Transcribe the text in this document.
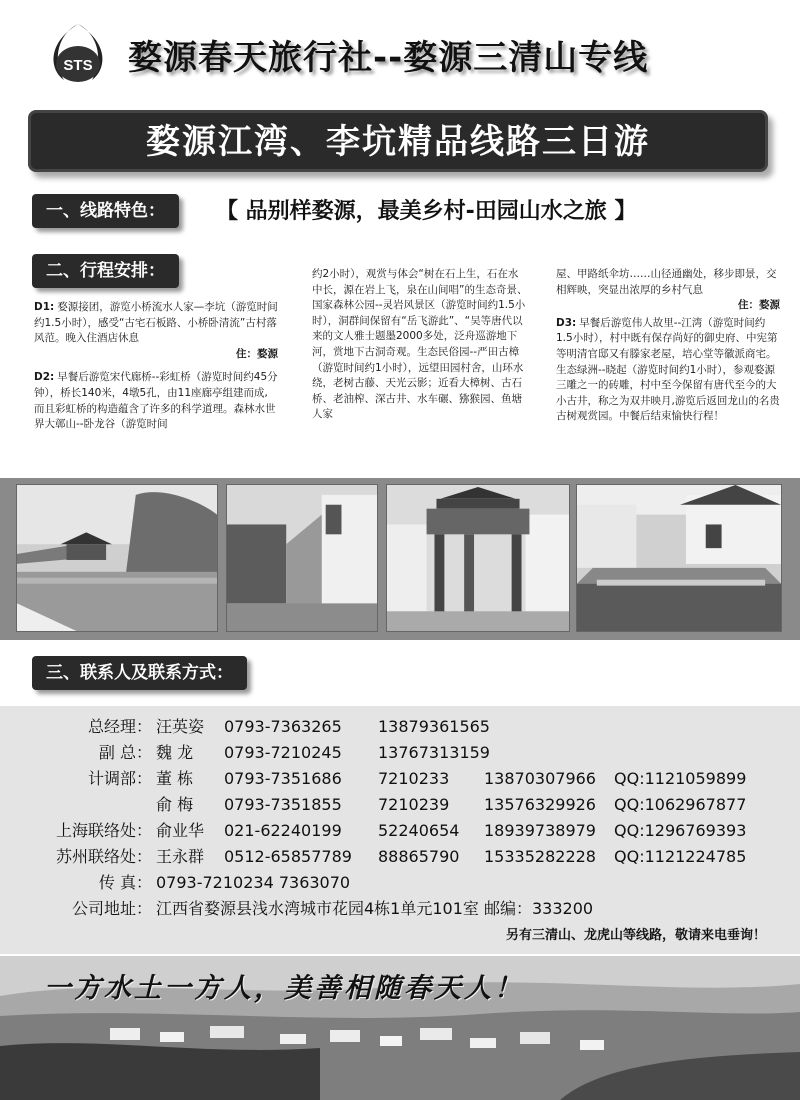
STS 婺源春天旅行社--婺源三清山专线
婺源江湾、李坑精品线路三日游
一、线路特色：	【 品别样婺源，最美乡村-田园山水之旅 】
二、行程安排：
D1: 婺源接团，游览小桥流水人家—李坑（游览时间约1.5小时），感受“古宅石板路、小桥卧清流”古村落风范。晚入住酒店休息
住：婺源
D2: 早餐后游览宋代廊桥--彩虹桥（游览时间约45分钟），桥长140米，4墩5孔，由11座廊亭组建而成,而且彩虹桥的构造蕴含了许多的科学道理。森林水世界大鄣山--卧龙谷（游览时间
约2小时），观赏与体会“树在石上生，石在水中长，源在岩上飞，泉在山间唱”的生态奇景、国家森林公园--灵岩风景区（游览时间约1.5小时），洞群间保留有“岳飞游此”、“吴等唐代以来的文人雅士题墨2000多处，泛舟巡游地下河，赏地下古洞奇观。生态民俗园--严田古樟（游览时间约1小时），远望田园村舍，山环水绕，老树古藤、天光云影；近看大樟树、古石桥、老油榨、深古井、水车碾、猕猴园、鱼塘人家
屋、甲路纸伞坊……山径通幽处，移步即景，交相辉映，突显出浓厚的乡村气息
住：婺源
D3: 早餐后游览伟人故里--江湾（游览时间约1.5小时），村中既有保存尚好的御史府、中宪第等明清官邸又有滕家老屋，培心堂等徽派商宅。生态绿洲--晓起（游览时间约1小时），参观婺源三雕之一的砖雕，村中至今保留有唐代至今的大小古井，称之为双井映月,游览后返回龙山的名贵古树观赏园。中餐后结束愉快行程！
三、联系人及联系方式：
总经理： 汪英姿 0793-7363265 13879361565
副 总： 魏 龙 0793-7210245 13767313159
计调部： 董 栋 0793-7351686 7210233 13870307966 QQ:1121059899
俞 梅 0793-7351855 7210239 13576329926 QQ:1062967877
上海联络处： 俞业华 021-62240199 52240654 18939738979 QQ:1296769393
苏州联络处： 王永群 0512-65857789 88865790 15335282228 QQ:1121224785
传 真： 0793-7210234 7363070
公司地址： 江西省婺源县浅水湾城市花园4栋1单元101室 邮编：333200
另有三清山、龙虎山等线路，敬请来电垂询！
一方水土一方人，美善相随春天人！
